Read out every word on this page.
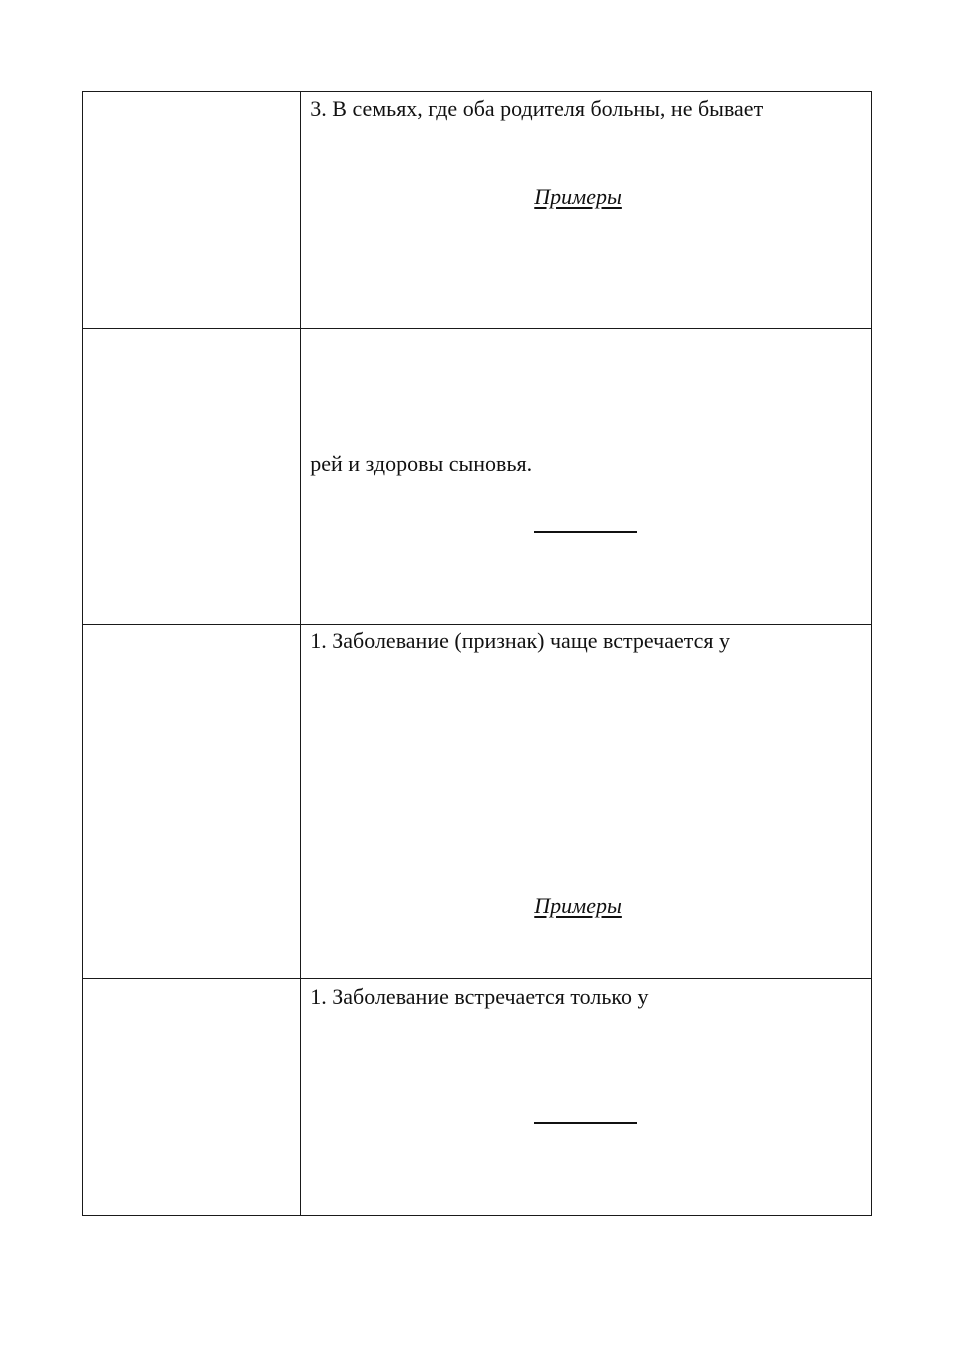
	3. В семьях, где оба родителя больны, не бывает
Примеры

	рей и здоровы сыновья.

	1. Заболевание (признак) чаще встречается у
Примеры

	1. Заболевание встречается только у
